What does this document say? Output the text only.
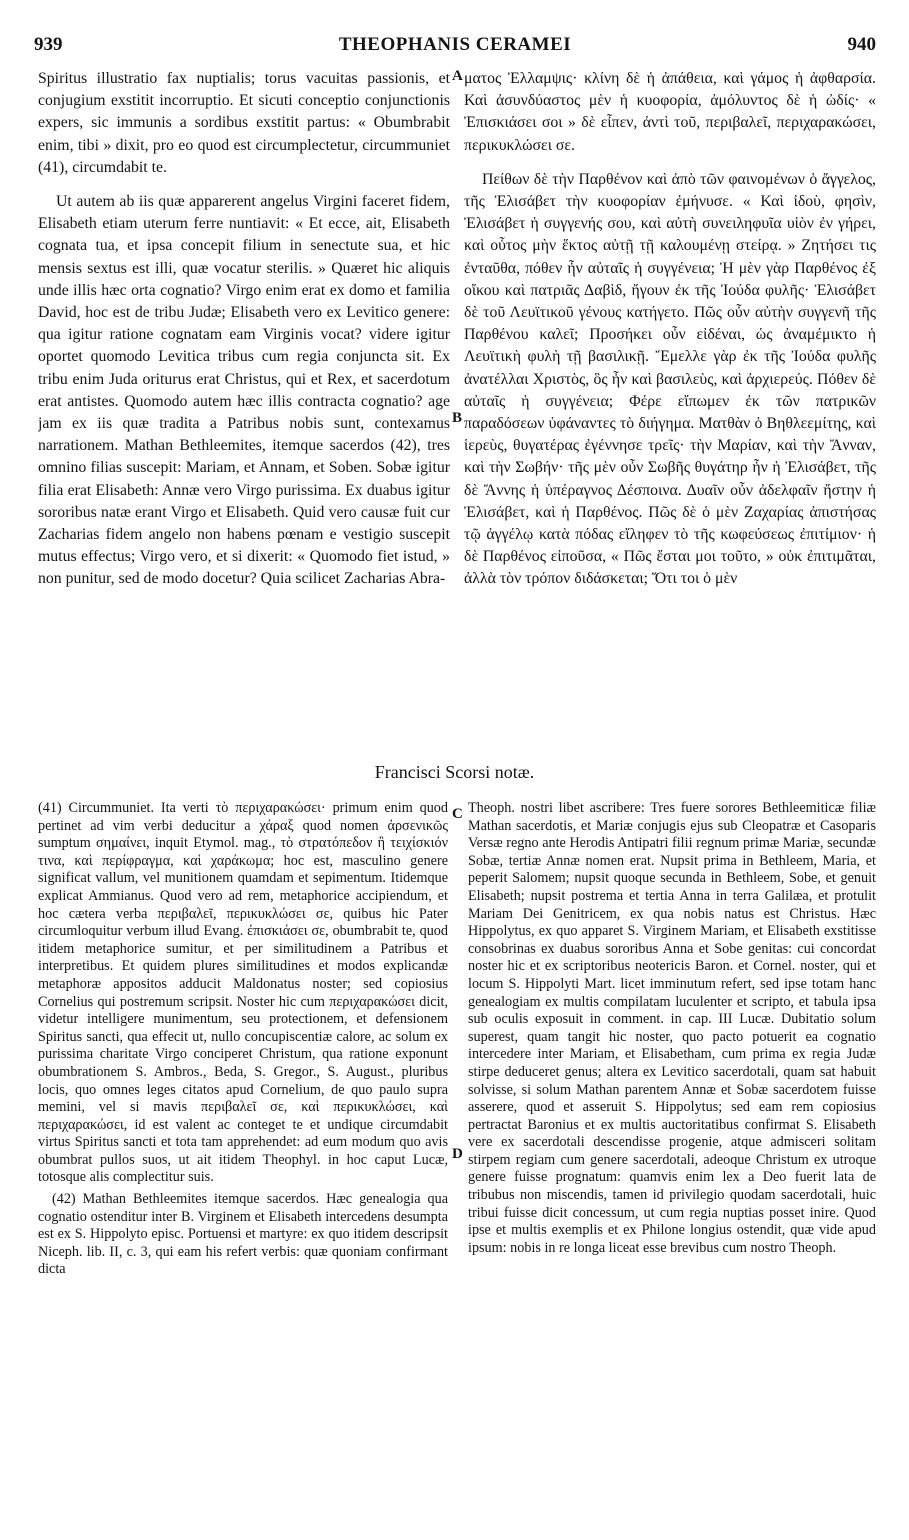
939	THEOPHANIS CERAMEI	940

Spiritus illustratio fax nuptialis; torus vacuitas passionis, et conjugium exstitit incorruptio. Et sicuti conceptio conjunctionis expers, sic immunis a sordibus exstitit partus: « Obumbrabit enim, tibi » dixit, pro eo quod est circumplectetur, circummuniet (41), circumdabit te.

Ut autem ab iis quæ apparerent angelus Virgini faceret fidem, Elisabeth etiam uterum ferre nuntiavit: « Et ecce, ait, Elisabeth cognata tua, et ipsa concepit filium in senectute sua, et hic mensis sextus est illi, quæ vocatur sterilis. » Quæret hic aliquis unde illis hæc orta cognatio? Virgo enim erat ex domo et familia David, hoc est de tribu Judæ; Elisabeth vero ex Levitico genere: qua igitur ratione cognatam eam Virginis vocat? videre igitur oportet quomodo Levitica tribus cum regia conjuncta sit. Ex tribu enim Juda oriturus erat Christus, qui et Rex, et sacerdotum erat antistes. Quomodo autem hæc illis contracta cognatio? age jam ex iis quæ tradita a Patribus nobis sunt, contexamus narrationem. Mathan Bethleemites, itemque sacerdos (42), tres omnino filias suscepit: Mariam, et Annam, et Soben. Sobæ igitur filia erat Elisabeth: Annæ vero Virgo purissima. Ex duabus igitur sororibus natæ erant Virgo et Elisabeth. Quid vero causæ fuit cur Zacharias fidem angelo non habens pœnam e vestigio suscepit mutus effectus; Virgo vero, et si dixerit: « Quomodo fiet istud, » non punitur, sed de modo docetur? Quia scilicet Zacharias Abra-

A
B

ματος Ἐλλαμψις· κλίνη δὲ ἡ ἀπάθεια, καὶ γάμος ἡ ἀφθαρσία. Καὶ ἀσυνδύαστος μὲν ἡ κυοφορία, ἀμόλυντος δὲ ἡ ὠδίς· « Ἐπισκιάσει σοι » δὲ εἶπεν, ἀντὶ τοῦ, περιβαλεῖ, περιχαρακώσει, περικυκλώσει σε.

Πείθων δὲ τὴν Παρθένον καὶ ἀπὸ τῶν φαινομένων ὁ ἄγγελος, τῆς Ἐλισάβετ τὴν κυοφορίαν ἐμήνυσε. « Καὶ ἰδοὺ, φησὶν, Ἐλισάβετ ἡ συγγενής σου, καὶ αὐτὴ συνειληφυῖα υἱὸν ἐν γήρει, καὶ οὗτος μὴν ἕκτος αὐτῇ τῇ καλουμένῃ στείρᾳ. » Ζητήσει τις ἐνταῦθα, πόθεν ἦν αὐταῖς ἡ συγγένεια; Ἡ μὲν γὰρ Παρθένος ἐξ οἴκου καὶ πατριᾶς Δαβὶδ, ἤγουν ἐκ τῆς Ἰούδα φυλῆς· Ἐλισάβετ δὲ τοῦ Λευϊτικοῦ γένους κατήγετο. Πῶς οὖν αὐτὴν συγγενῆ τῆς Παρθένου καλεῖ; Προσήκει οὖν εἰδέναι, ὡς ἀναμέμικτο ἡ Λευϊτικὴ φυλὴ τῇ βασιλικῇ. Ἔμελλε γὰρ ἐκ τῆς Ἰούδα φυλῆς ἀνατέλλαι Χριστὸς, ὃς ἦν καὶ βασιλεὺς, καὶ ἀρχιερεύς. Πόθεν δὲ αὐταῖς ἡ συγγένεια; Φέρε εἴπωμεν ἐκ τῶν πατρικῶν παραδόσεων ὑφάναντες τὸ διήγημα. Ματθὰν ὁ Βηθλεεμίτης, καὶ ἱερεὺς, θυγατέρας ἐγέννησε τρεῖς· τὴν Μαρίαν, καὶ τὴν Ἄνναν, καὶ τὴν Σωβήν· τῆς μὲν οὖν Σωβῆς θυγάτηρ ἦν ἡ Ἐλισάβετ, τῆς δὲ Ἄννης ἡ ὑπέραγνος Δέσποινα. Δυαῖν οὖν ἀδελφαῖν ἤστην ἡ Ἐλισάβετ, καὶ ἡ Παρθένος. Πῶς δὲ ὁ μὲν Ζαχαρίας ἀπιστήσας τῷ ἀγγέλῳ κατὰ πόδας εἴληφεν τὸ τῆς κωφεύσεως ἐπιτίμιον· ἡ δὲ Παρθένος εἰποῦσα, « Πῶς ἔσται μοι τοῦτο, » οὐκ ἐπιτιμᾶται, ἀλλὰ τὸν τρόπον διδάσκεται; Ὅτι τοι ὁ μὲν

Francisci Scorsi notæ.

(41) Circummuniet. Ita verti τὸ περιχαρακώσει· primum enim quod pertinet ad vim verbi deducitur a χάραξ quod nomen ἀρσενικῶς sumptum σημαίνει, inquit Etymol. mag., τὸ στρατόπεδον ἢ τειχίσκιόν τινα, καὶ περίφραγμα, καὶ χαράκωμα; hoc est, masculino genere significat vallum, vel munitionem quamdam et sepimentum. Itidemque explicat Ammianus. Quod vero ad rem, metaphorice accipiendum, et hoc cætera verba περιβαλεῖ, περικυκλώσει σε, quibus hic Pater circumloquitur verbum illud Evang. ἐπισκιάσει σε, obumbrabit te, quod itidem metaphorice sumitur, et per similitudinem a Patribus et interpretibus. Et quidem plures similitudines et modos explicandæ metaphoræ appositos adducit Maldonatus noster; sed copiosius Cornelius qui postremum scripsit. Noster hic cum περιχαρακώσει dicit, videtur intelligere munimentum, seu protectionem, et defensionem Spiritus sancti, qua effecit ut, nullo concupiscentiæ calore, ac solum ex purissima charitate Virgo conciperet Christum, qua ratione exponunt obumbrationem S. Ambros., Beda, S. Gregor., S. August., pluribus locis, quo omnes leges citatos apud Cornelium, de quo paulo supra memini, vel si mavis περιβαλεῖ σε, καὶ περικυκλώσει, καὶ περιχαρακώσει, id est valent ac conteget te et undique circumdabit virtus Spiritus sancti et tota tam apprehendet: ad eum modum quo avis obumbrat pullos suos, ut ait itidem Theophyl. in hoc caput Lucæ, totosque alis complectitur suis.

(42) Mathan Bethleemites itemque sacerdos. Hæc genealogia qua cognatio ostenditur inter B. Virginem et Elisabeth intercedens desumpta est ex S. Hippolyto episc. Portuensi et martyre: ex quo itidem descripsit Niceph. lib. II, c. 3, qui eam his refert verbis: quæ quoniam confirmant dicta

C
D

Theoph. nostri libet ascribere: Tres fuere sorores Bethleemiticæ filiæ Mathan sacerdotis, et Mariæ conjugis ejus sub Cleopatræ et Casoparis Versæ regno ante Herodis Antipatri filii regnum primæ Mariæ, secundæ Sobæ, tertiæ Annæ nomen erat. Nupsit prima in Bethleem, Maria, et peperit Salomem; nupsit quoque secunda in Bethleem, Sobe, et genuit Elisabeth; nupsit postrema et tertia Anna in terra Galilæa, et protulit Mariam Dei Genitricem, ex qua nobis natus est Christus. Hæc Hippolytus, ex quo apparet S. Virginem Mariam, et Elisabeth exstitisse consobrinas ex duabus sororibus Anna et Sobe genitas: cui concordat noster hic et ex scriptoribus neotericis Baron. et Cornel. noster, qui et locum S. Hippolyti Mart. licet imminutum refert, sed ipse totam hanc genealogiam ex multis compilatam luculenter et scripto, et tabula ipsa sub oculis exposuit in comment. in cap. III Lucæ. Dubitatio solum superest, quam tangit hic noster, quo pacto potuerit ea cognatio intercedere inter Mariam, et Elisabetham, cum prima ex regia Judæ stirpe deduceret genus; altera ex Levitico sacerdotali, quam sat habuit solvisse, si solum Mathan parentem Annæ et Sobæ sacerdotem fuisse asserere, quod et asseruit S. Hippolytus; sed eam rem copiosius pertractat Baronius et ex multis auctoritatibus confirmat S. Elisabeth vere ex sacerdotali descendisse progenie, atque admisceri solitam stirpem regiam cum genere sacerdotali, adeoque Christum ex utroque genere fuisse prognatum: quamvis enim lex a Deo fuerit lata de tribubus non miscendis, tamen id privilegio quodam sacerdotali, huic tribui fuisse dicit concessum, ut cum regia nuptias posset inire. Quod ipse et multis exemplis et ex Philone longius ostendit, quæ vide apud ipsum: nobis in re longa liceat esse brevibus cum nostro Theoph.
